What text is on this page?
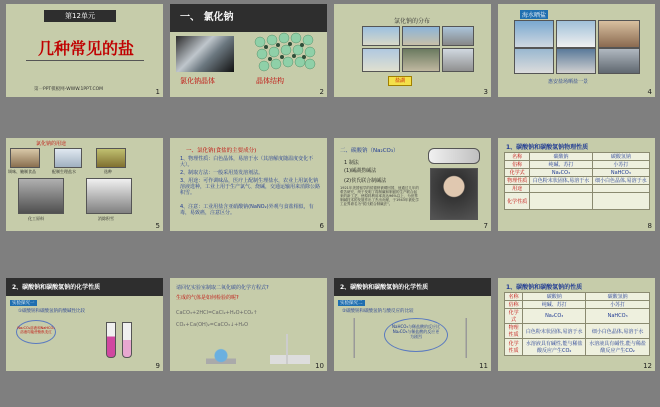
第12单元
几种常见的盐
第一PPT模板网-WWW.1PPT.COM	1
一、 氯化钠
氯化钠晶体	晶体结构
2
氯化钠的分布
盐湖
3
海水晒盐
惠安盐场晒盐一景
4
氯化钠的用途
调味、腌制食品	配制生理盐水	选种
化工原料	消除积雪
5
一、氯化钠(食盐的主要成分)
1、物理性质：白色晶体，易溶于水（其溶解度随温度变化不大）。
2、制取方法：一般采用蒸发溶剂法。
3、用途：可作调味品，医疗上配制生理盐水，农业上用氯化钠溶液选种，工业上用于生产氯气、烧碱，交通运输用来消除公路积雪。
4、注意：工业用盐含亚硝酸钠(NaNO₂)外观与食盐相似，有毒，易致癌，注意区分。
6
二、碳酸钠（Na₂CO₃）
1 制法
(1)碱湖捞碱法
(2)侯氏联合制碱法
1921年美国留学的侯德榜被聘回国，他通过几年的艰苦研究，终于发明了将制碱和制氨的生产联合起来的新工艺，使原料利用率高达96%以上，为世界制碱技术的发展作出了杰出贡献，于1943年被化学工业界命名为"侯氏联合制碱法"。
7
1、碳酸钠和碳酸氢钠物理性质
名称	碳酸钠	碳酸氢钠
俗称	纯碱、苏打	小苏打
化学式	Na₂CO₃	NaHCO₃
物理性质	白色粉末状固体,易溶于水	细小白色晶体,易溶于水
用途		
化学性质		
8
2、碳酸钠和碳酸氢钠的化学性质
实验探究一
①碳酸钠和碳酸氢钠的酸碱性比较
Na₂CO₃溶液和NaHCO₃溶液均能使酚酞变红
9
请回忆实验室制取二氧化碳的化学方程式?
生成的气体是如何检验的呢?
CaCO₃+2HCl=CaCl₂+H₂O+CO₂↑
CO₂+Ca(OH)₂=CaCO₃↓+H₂O
10
2、碳酸钠和碳酸氢钠的化学性质
实验探究二
②碳酸钠和碳酸氢钠与酸反应的比较
NaHCO₃与稀盐酸的反应比Na₂CO₃与稀盐酸的反应更为剧烈
11
1、碳酸钠和碳酸氢钠的性质
名称	碳酸钠	碳酸氢钠
俗称	纯碱、苏打	小苏打
化学式	Na₂CO₃	NaHCO₃
物理性质	白色粉末状固体,易溶于水	细小白色晶体,易溶于水
化学性质	水溶液具有碱性,能与稀盐酸反应产生CO₂	水溶液具有碱性,能与稀盐酸反应产生CO₂
12
